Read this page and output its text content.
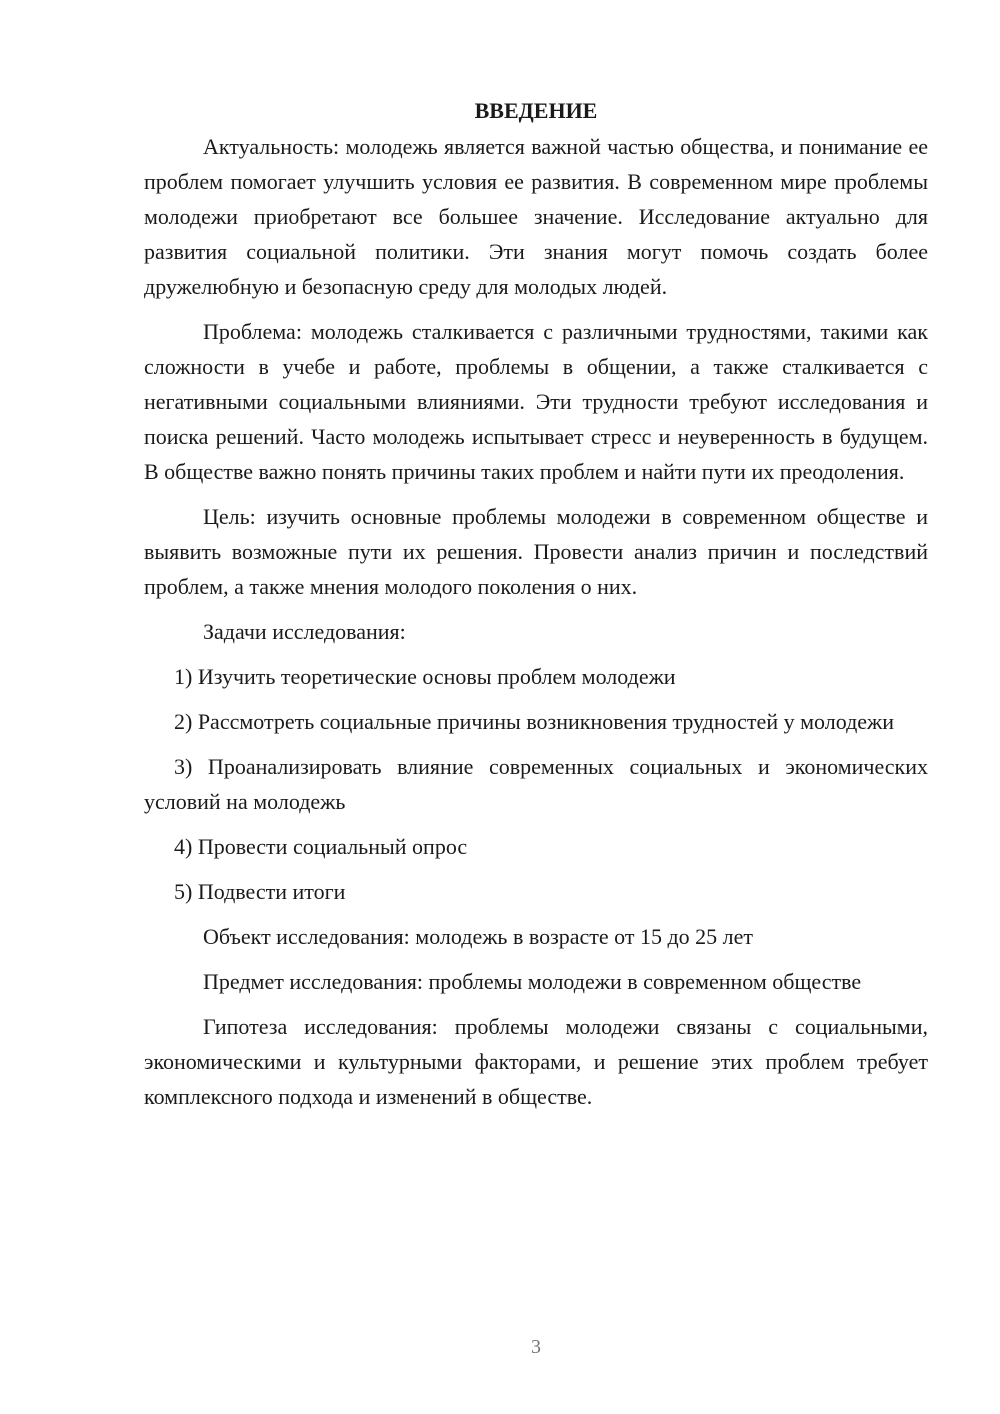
ВВЕДЕНИЕ

Актуальность: молодежь является важной частью общества, и понимание ее проблем помогает улучшить условия ее развития. В современном мире проблемы молодежи приобретают все большее значение. Исследование актуально для развития социальной политики. Эти знания могут помочь создать более дружелюбную и безопасную среду для молодых людей.

Проблема: молодежь сталкивается с различными трудностями, такими как сложности в учебе и работе, проблемы в общении, а также сталкивается с негативными социальными влияниями. Эти трудности требуют исследования и поиска решений. Часто молодежь испытывает стресс и неуверенность в будущем. В обществе важно понять причины таких проблем и найти пути их преодоления.

Цель: изучить основные проблемы молодежи в современном обществе и выявить возможные пути их решения. Провести анализ причин и последствий проблем, а также мнения молодого поколения о них.

Задачи исследования:

1) Изучить теоретические основы проблем молодежи

2) Рассмотреть социальные причины возникновения трудностей у молодежи

3) Проанализировать влияние современных социальных и экономических условий на молодежь

4) Провести социальный опрос

5) Подвести итоги

Объект исследования: молодежь в возрасте от 15 до 25 лет

Предмет исследования: проблемы молодежи в современном обществе

Гипотеза исследования: проблемы молодежи связаны с социальными, экономическими и культурными факторами, и решение этих проблем требует комплексного подхода и изменений в обществе.

3
